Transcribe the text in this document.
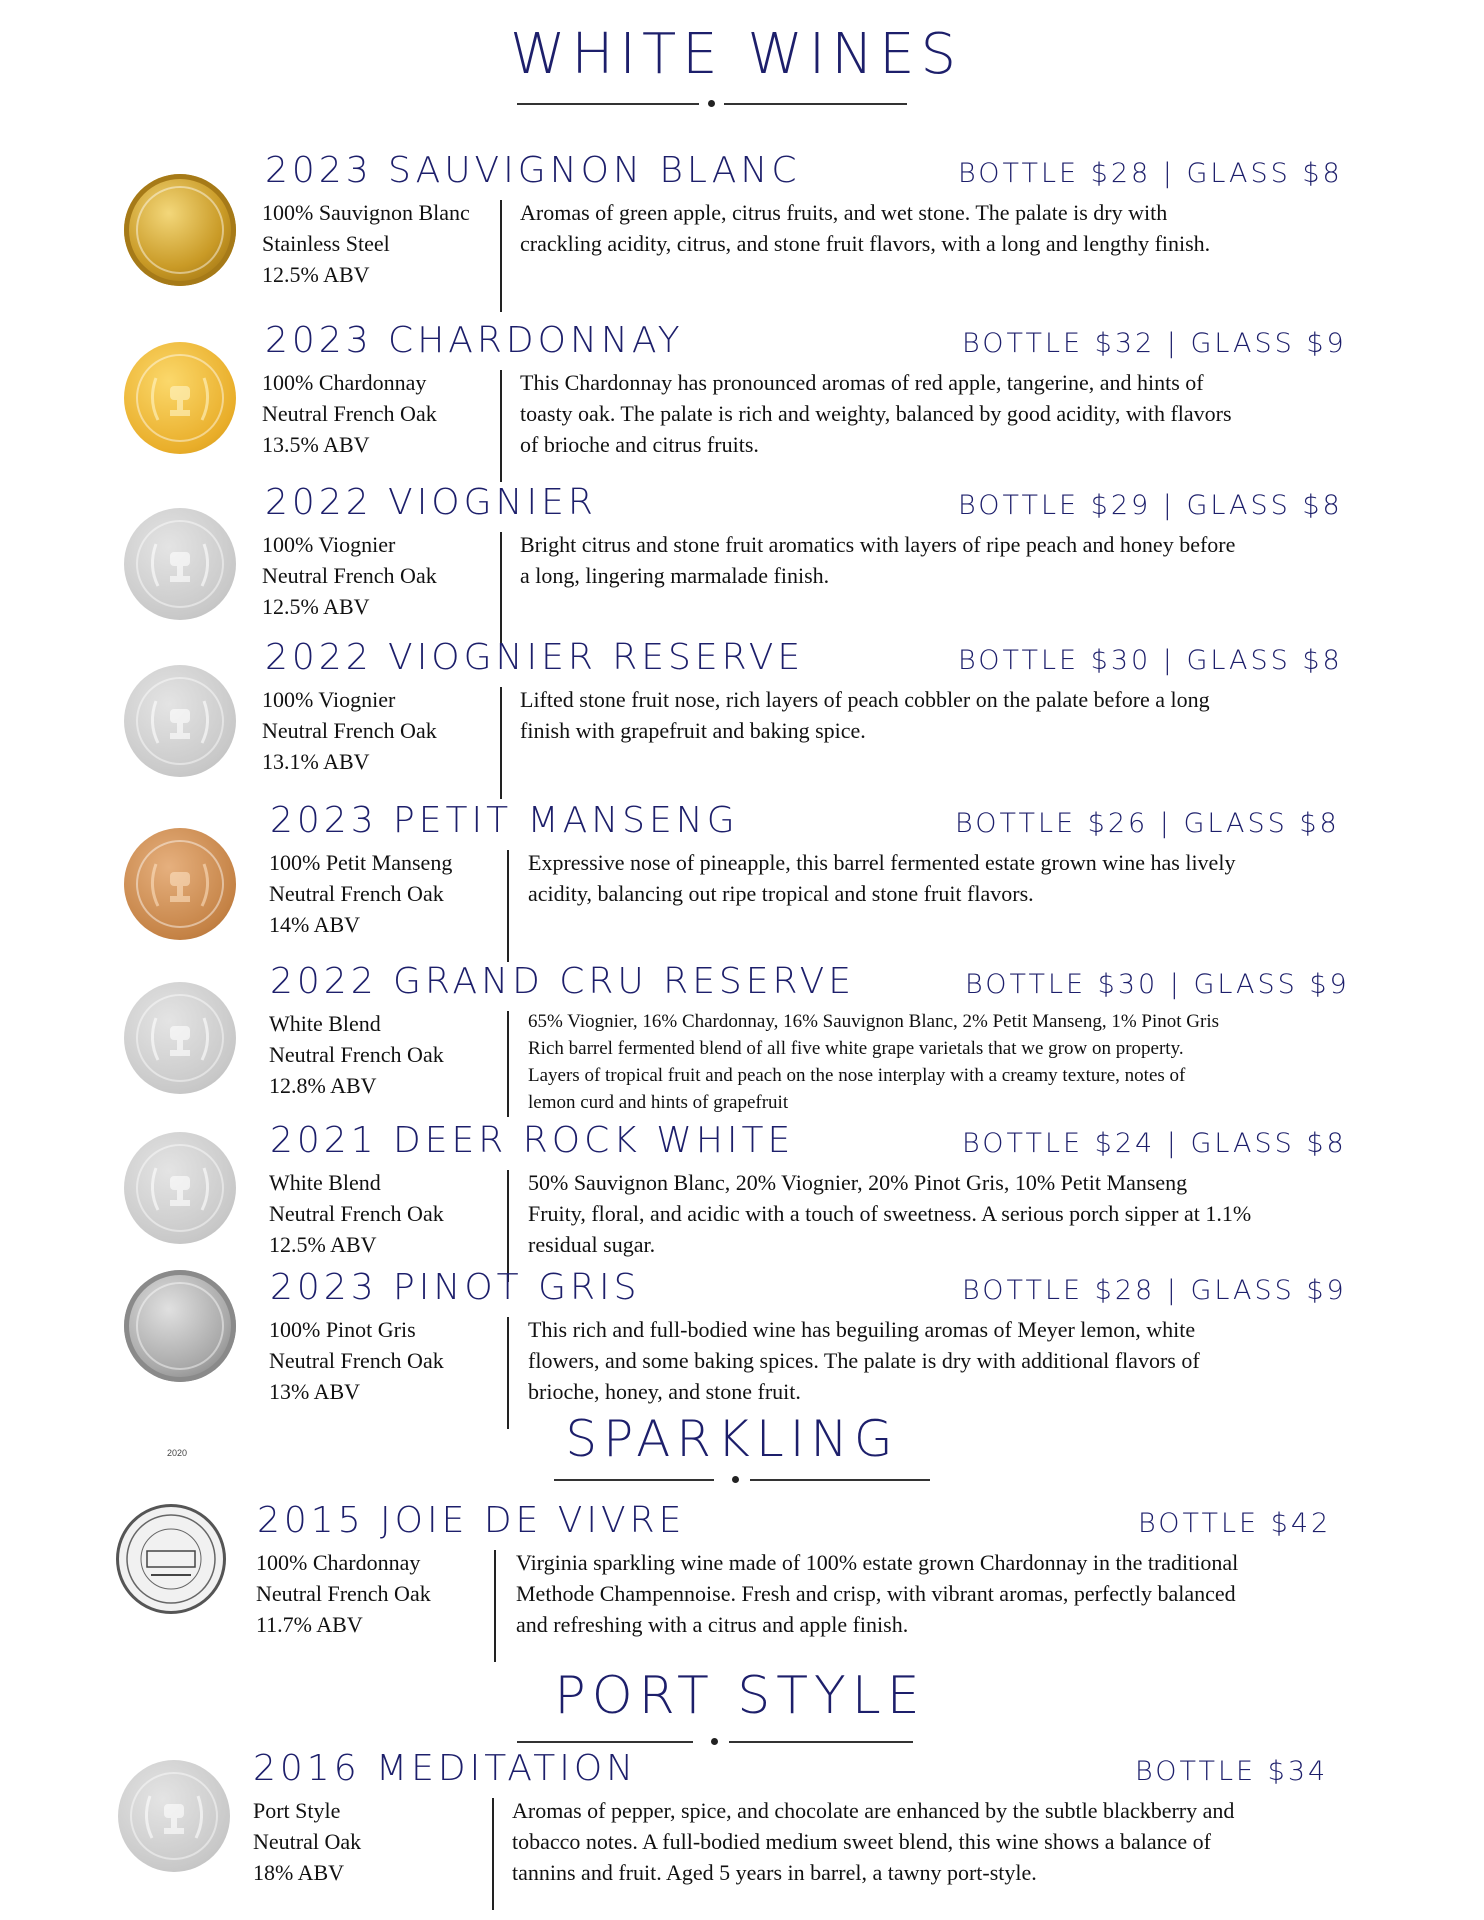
WHITE WINES
SPARKLING
PORT STYLE
2020
2023 SAUVIGNON BLANC	BOTTLE $28 | GLASS $8
100% Sauvignon Blanc
Stainless Steel
12.5% ABV
Aromas of green apple, citrus fruits, and wet stone. The palate is dry with
crackling acidity, citrus, and stone fruit flavors, with a long and lengthy finish.
2023 CHARDONNAY	BOTTLE $32 | GLASS $9
100% Chardonnay
Neutral French Oak
13.5% ABV
This Chardonnay has pronounced aromas of red apple, tangerine, and hints of
toasty oak. The palate is rich and weighty, balanced by good acidity, with flavors
of brioche and citrus fruits.
2022 VIOGNIER	BOTTLE $29 | GLASS $8
100% Viognier
Neutral French Oak
12.5% ABV
Bright citrus and stone fruit aromatics with layers of ripe peach and honey before
a long, lingering marmalade finish.
2022 VIOGNIER RESERVE	BOTTLE $30 | GLASS $8
100% Viognier
Neutral French Oak
13.1% ABV
Lifted stone fruit nose, rich layers of peach cobbler on the palate before a long
finish with grapefruit and baking spice.
2023 PETIT MANSENG	BOTTLE $26 | GLASS $8
100% Petit Manseng
Neutral French Oak
14% ABV
Expressive nose of pineapple, this barrel fermented estate grown wine has lively
acidity, balancing out ripe tropical and stone fruit flavors.
2022 GRAND CRU RESERVE	BOTTLE $30 | GLASS $9
White Blend
Neutral French Oak
12.8% ABV
65% Viognier, 16% Chardonnay, 16% Sauvignon Blanc, 2% Petit Manseng, 1% Pinot Gris
Rich barrel fermented blend of all five white grape varietals that we grow on property.
Layers of tropical fruit and peach on the nose interplay with a creamy texture, notes of
lemon curd and hints of grapefruit
2021 DEER ROCK WHITE	BOTTLE $24 | GLASS $8
White Blend
Neutral French Oak
12.5% ABV
50% Sauvignon Blanc, 20% Viognier, 20% Pinot Gris, 10% Petit Manseng
Fruity, floral, and acidic with a touch of sweetness. A serious porch sipper at 1.1%
residual sugar.
2023 PINOT GRIS	BOTTLE $28 | GLASS $9
100% Pinot Gris
Neutral French Oak
13% ABV
This rich and full-bodied wine has beguiling aromas of Meyer lemon, white
flowers, and some baking spices. The palate is dry with additional flavors of
brioche, honey, and stone fruit.
2015 JOIE DE VIVRE	BOTTLE $42
100% Chardonnay
Neutral French Oak
11.7% ABV
Virginia sparkling wine made of 100% estate grown Chardonnay in the traditional
Methode Champennoise. Fresh and crisp, with vibrant aromas, perfectly balanced
and refreshing with a citrus and apple finish.
2016 MEDITATION	BOTTLE $34
Port Style
Neutral Oak
18% ABV
Aromas of pepper, spice, and chocolate are enhanced by the subtle blackberry and
tobacco notes. A full-bodied medium sweet blend, this wine shows a balance of
tannins and fruit. Aged 5 years in barrel, a tawny port-style.
